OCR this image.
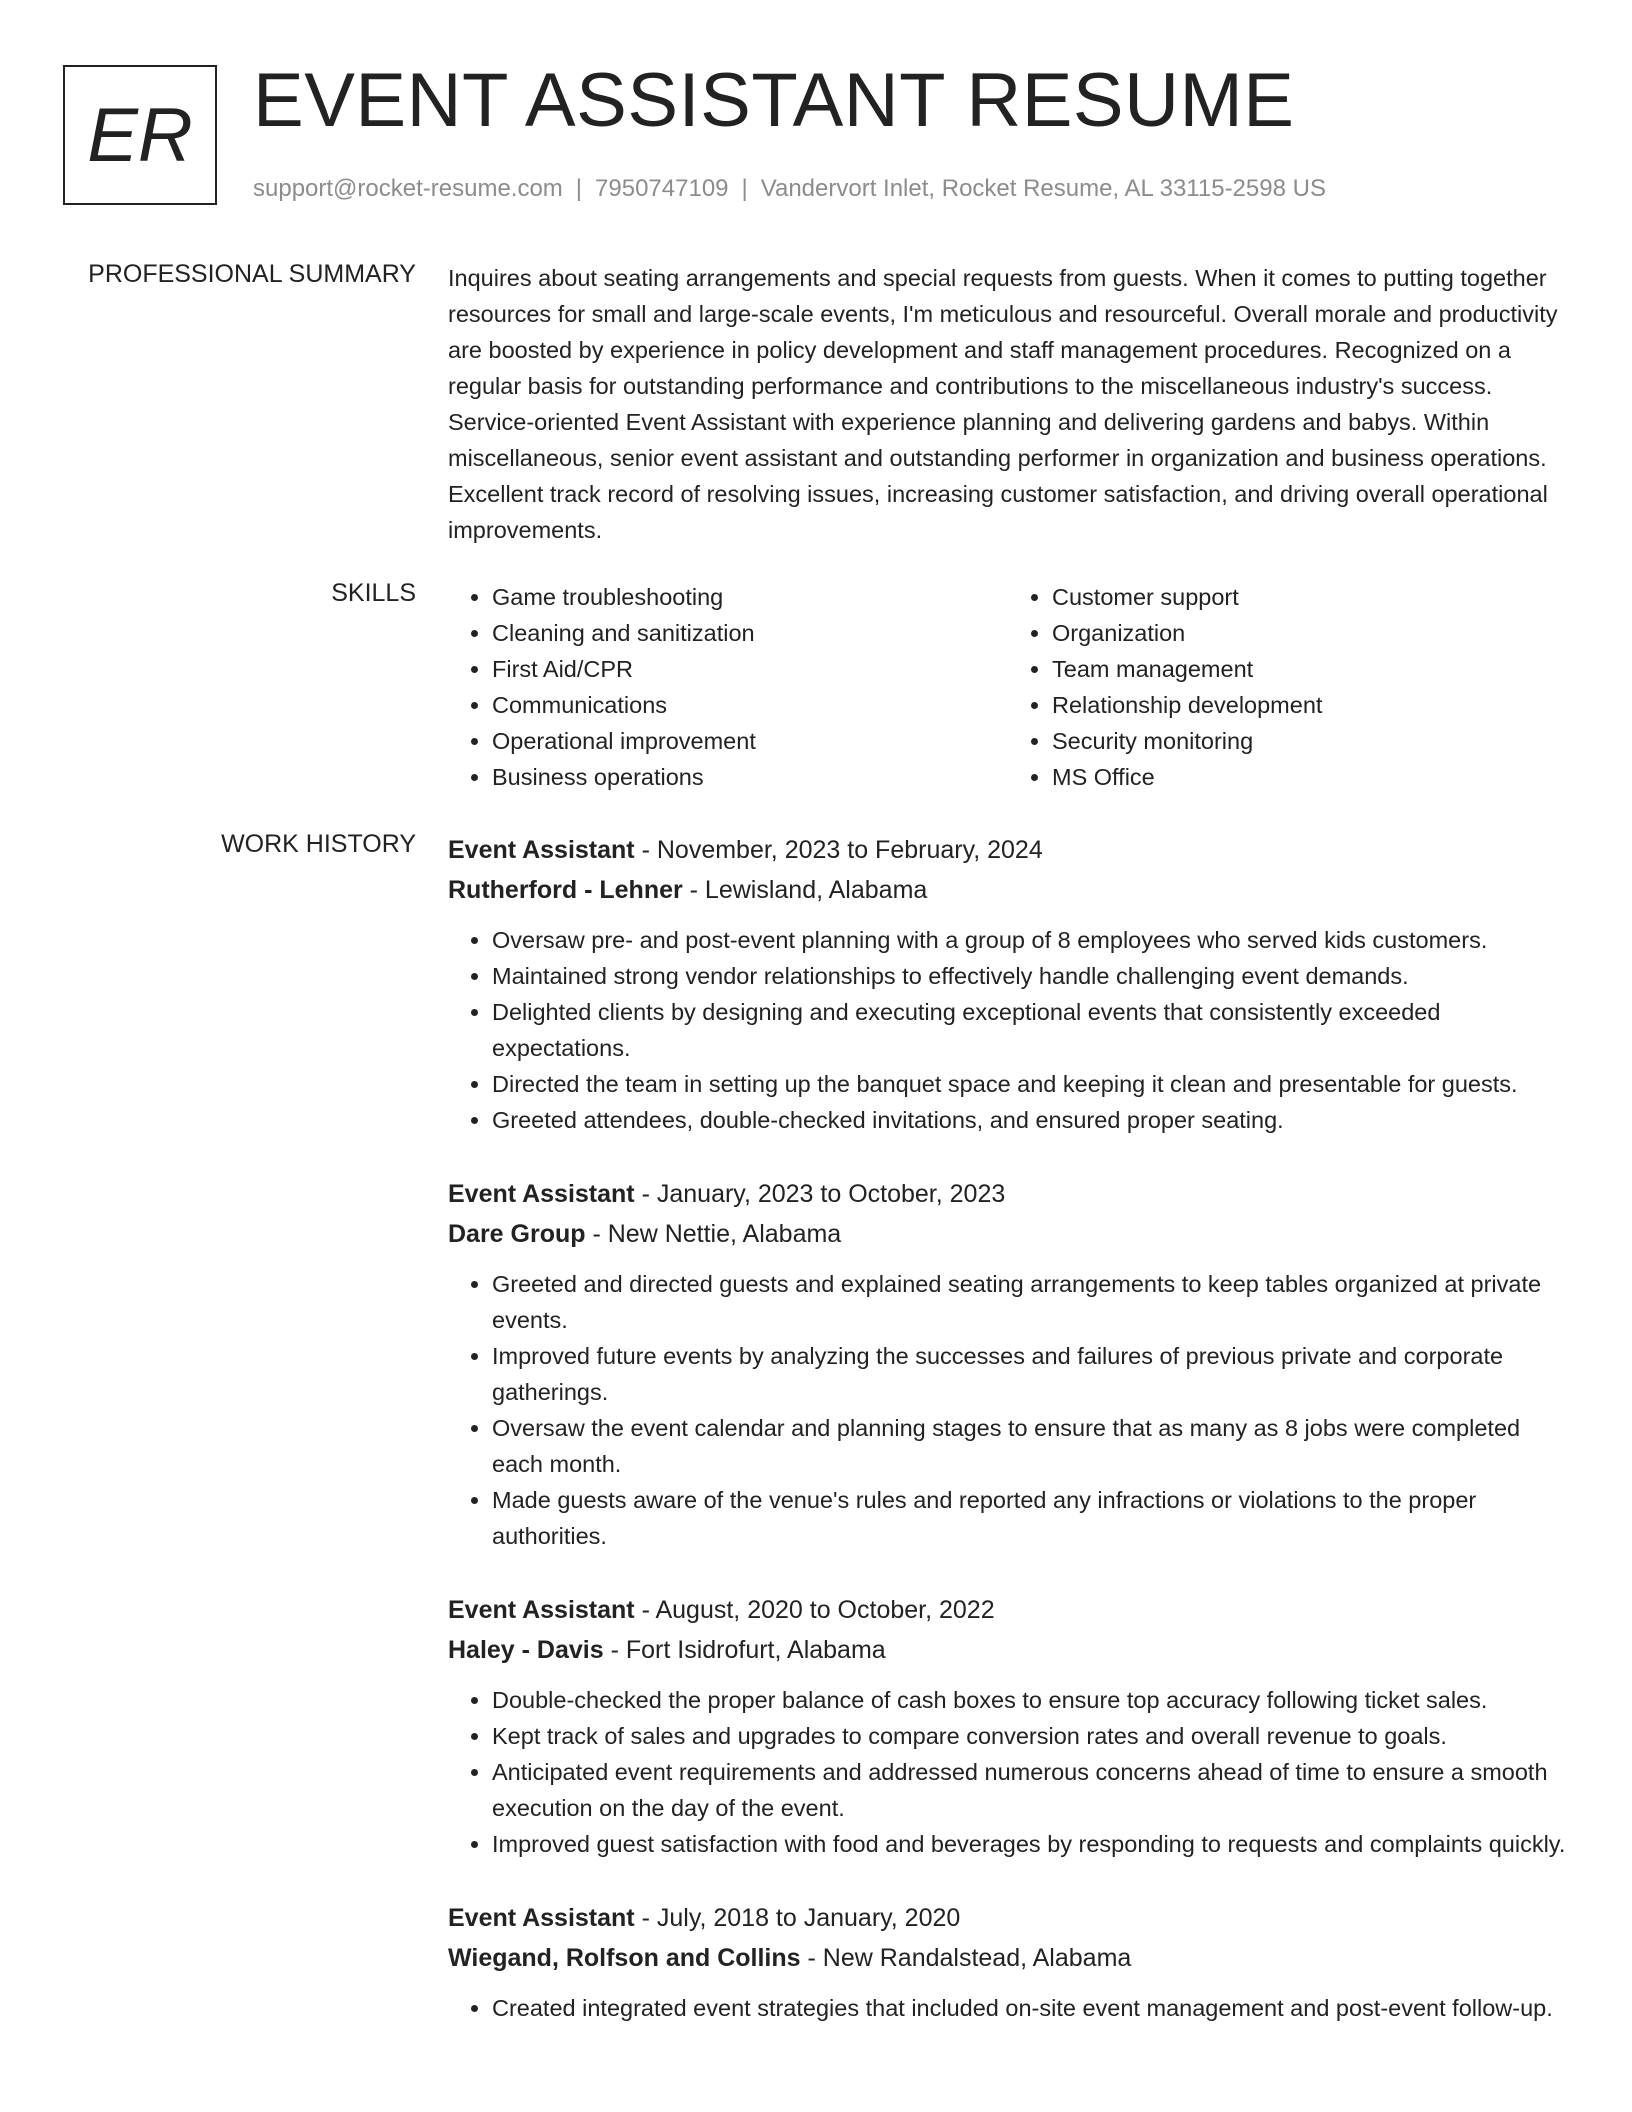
ER EVENT ASSISTANT RESUME
support@rocket-resume.com | 7950747109 | Vandervort Inlet, Rocket Resume, AL 33115-2598 US
PROFESSIONAL SUMMARY Inquires about seating arrangements and special requests from guests. When it comes to putting together resources for small and large-scale events, I'm meticulous and resourceful. Overall morale and productivity are boosted by experience in policy development and staff management procedures. Recognized on a regular basis for outstanding performance and contributions to the miscellaneous industry's success. Service-oriented Event Assistant with experience planning and delivering gardens and babys. Within miscellaneous, senior event assistant and outstanding performer in organization and business operations. Excellent track record of resolving issues, increasing customer satisfaction, and driving overall operational improvements.

SKILLS
•	Game troubleshooting
• Cleaning and sanitization
• First Aid/CPR
• Communications
• Operational improvement
• Business operations
• Customer support
• Organization
• Team management
• Relationship development
• Security monitoring
• MS Office
WORK HISTORY Event Assistant - November, 2023 to February, 2024
Rutherford - Lehner - Lewisland, Alabama
• Oversaw pre- and post-event planning with a group of 8 employees who served kids customers.
• Maintained strong vendor relationships to effectively handle challenging event demands.
• Delighted clients by designing and executing exceptional events that consistently exceeded expectations.
• Directed the team in setting up the banquet space and keeping it clean and presentable for guests.
• Greeted attendees, double-checked invitations, and ensured proper seating.
Event Assistant - January, 2023 to October, 2023
Dare Group - New Nettie, Alabama
• Greeted and directed guests and explained seating arrangements to keep tables organized at private events.
• Improved future events by analyzing the successes and failures of previous private and corporate gatherings.
• Oversaw the event calendar and planning stages to ensure that as many as 8 jobs were completed each month.
• Made guests aware of the venue's rules and reported any infractions or violations to the proper authorities.
Event Assistant - August, 2020 to October, 2022
Haley - Davis - Fort Isidrofurt, Alabama
• Double-checked the proper balance of cash boxes to ensure top accuracy following ticket sales.
• Kept track of sales and upgrades to compare conversion rates and overall revenue to goals.
• Anticipated event requirements and addressed numerous concerns ahead of time to ensure a smooth execution on the day of the event.
• Improved guest satisfaction with food and beverages by responding to requests and complaints quickly.
Event Assistant - July, 2018 to January, 2020
Wiegand, Rolfson and Collins - New Randalstead, Alabama
• Created integrated event strategies that included on-site event management and post-event follow-up.
